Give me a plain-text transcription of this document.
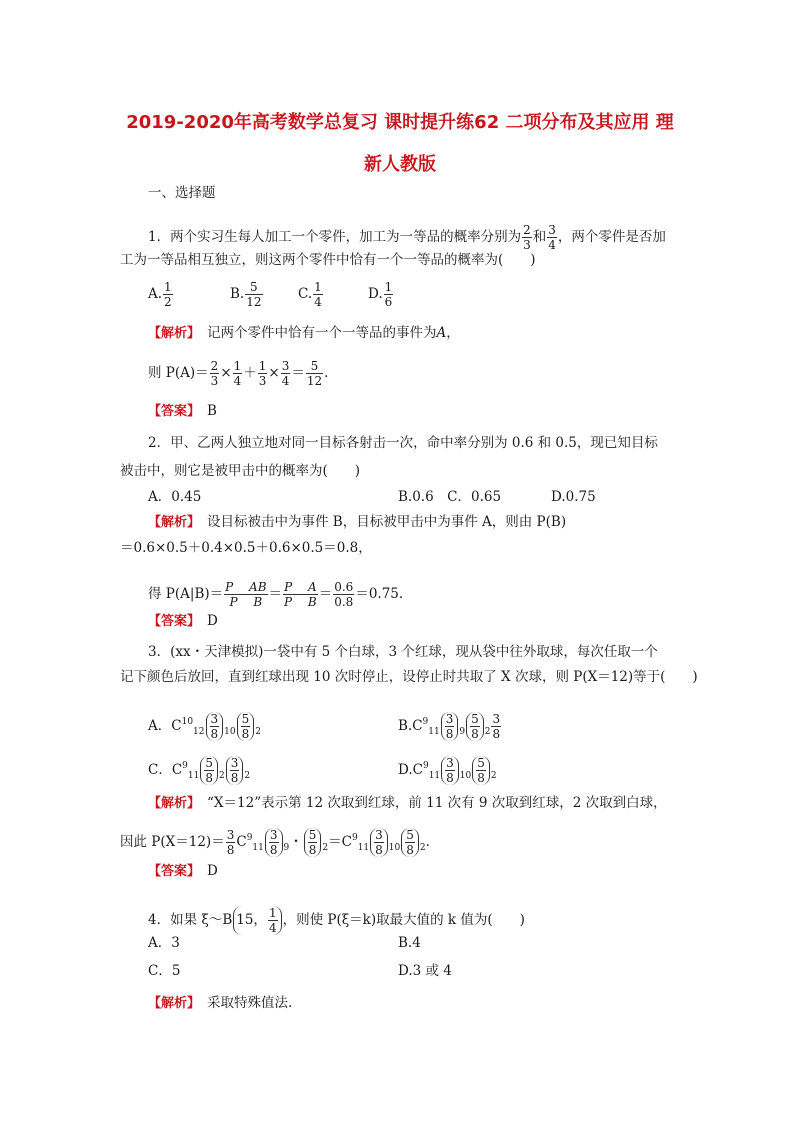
2019-2020年高考数学总复习 课时提升练62 二项分布及其应用 理
新人教版
一、选择题
1．两个实习生每人加工一个零件，加工为一等品的概率分别为 $\frac{2}{3}$ 和 $\frac{3}{4}$ ，两个零件是否加
工为一等品相互独立，则这两个零件中恰有一个一等品的概率为(　　)
A. $\frac{1}{2}$	B. $\frac{5}{12}$	C. $\frac{1}{4}$	D. $\frac{1}{6}$
【解析】　 记两个零件中恰有一个一等品的事件为A，
则 $P(A)= \frac{2}{3} \times \frac{1}{4} + \frac{1}{3} \times \frac{3}{4} = \frac{5}{12}$ .
【答案】　 B
2．甲、乙两人独立地对同一目标各射击一次，命中率分别为 0.6 和 0.5，现已知目标
被击中，则它是被甲击中的概率为(　　)
A．0.45	B.0.6　C．0.65	D.0.75
【解析】　 设目标被击中为事件 B，目标被甲击中为事件 A，则由 P(B)
＝0.6×0.5＋0.4×0.5＋0.6×0.5＝0.8，
得 $P(A|B)= \frac{\text{P　 AB}}{\text{P　 B}} = \frac{\text{P　 A}}{\text{P　 B}} = \frac{0.6}{0.8} =0.75$.
【答案】　 D
3．(xx・天津模拟)一袋中有 5 个白球，3 个红球，现从袋中往外取球，每次任取一个
记下颜色后放回，直到红球出现 10 次时停止，设停止时共取了 X 次球，则 P(X＝12)等于(　　)
A．$C^{10}_{12} \frac{3}{8} _{10} \frac{5}{8} _2$	$B.C^9_{11} \frac{3}{8} _9 \frac{5}{8} _2 \frac{3}{8}$
C．$C^9_{11} \frac{5}{8} _2 \frac{3}{8} _2$	$D.C^9_{11} \frac{3}{8} _{10} \frac{5}{8} _2$
【解析】　 “X＝12”表示第 12 次取到红球，前 11 次有 9 次取到红球，2 次取到白球，
因此 $P(X=12)= \frac{3}{8} C^9_{11} \frac{3}{8} _9$・ $\frac{5}{8} _2=C^9_{11} \frac{3}{8} _{10} \frac{5}{8} _2$.
【答案】　 D
4．如果 ξ～B 15， $\frac{1}{4}$ ，则使 P(ξ＝k)取最大值的 k 值为(　　)
A．3	B.4
C．5	D.3 或 4
【解析】　 采取特殊值法.
